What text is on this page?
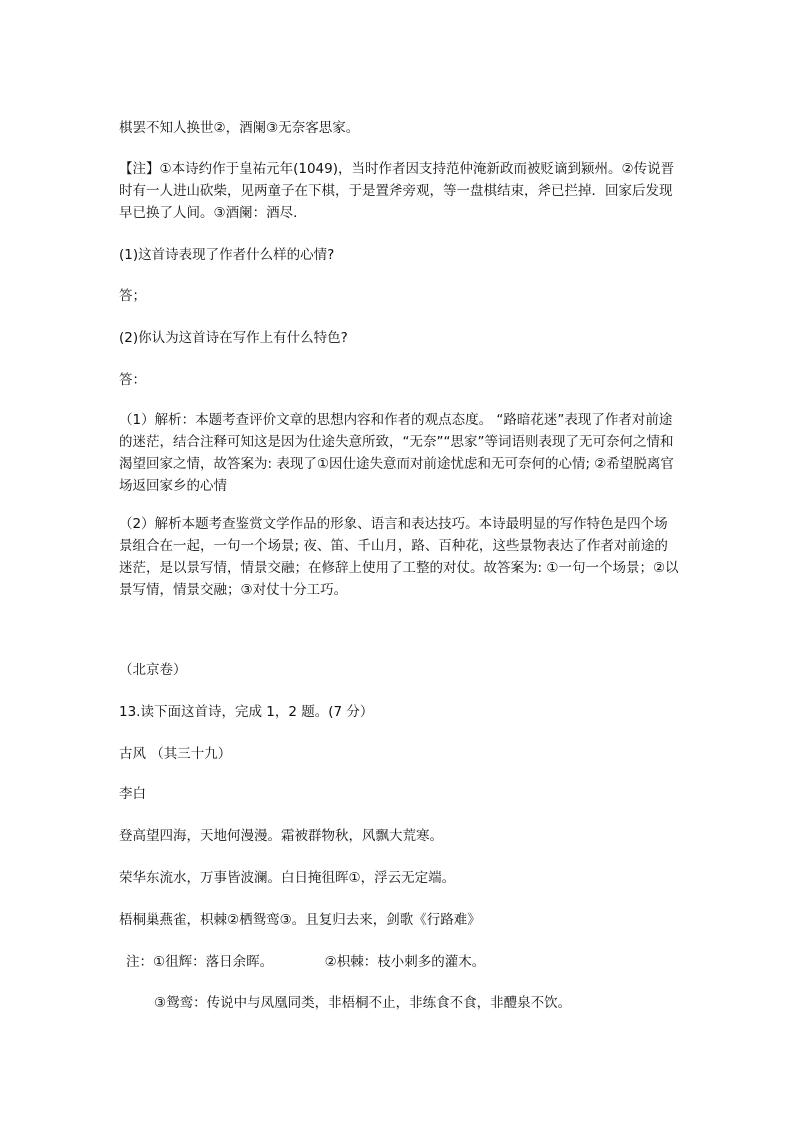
棋罢不知人换世②，酒阑③无奈客思家。

【注】①本诗约作于皇祐元年(1049)，当时作者因支持范仲淹新政而被贬谪到颍州。②传说晋时有一人进山砍柴，见两童子在下棋，于是置斧旁观，等一盘棋结束，斧已拦掉．回家后发现早已换了人间。③酒阑：酒尽．

(1)这首诗表现了作者什么样的心情?

答；

(2)你认为这首诗在写作上有什么特色?

答：

（1）解析：本题考查评价文章的思想内容和作者的观点态度。 “路暗花迷”表现了作者对前途的迷茫，结合注释可知这是因为仕途失意所致，“无奈”“思家”等词语则表现了无可奈何之情和渴望回家之情，故答案为: 表现了①因仕途失意而对前途忧虑和无可奈何的心情; ②希望脱离官场返回家乡的心情

（2）解析本题考查鉴赏文学作品的形象、语言和表达技巧。本诗最明显的写作特色是四个场景组合在一起，一句一个场景; 夜、笛、千山月，路、百种花，这些景物表达了作者对前途的迷茫，是以景写情，情景交融；在修辞上使用了工整的对仗。故答案为: ①一句一个场景；②以景写情，情景交融；③对仗十分工巧。

（北京卷）

13.读下面这首诗，完成 1，2 题。(7 分）

古风 （其三十九）

李白

登高望四海，天地何漫漫。霜被群物秋，风飘大荒寒。

荣华东流水，万事皆波澜。白日掩徂晖①，浮云无定端。

梧桐巢燕雀，枳棘②栖鸳鸾③。且复归去来，剑歌《行路难》

注：①徂辉：落日余晖。            ②枳棘：枝小刺多的灌木。

③鸳鸾：传说中与凤凰同类，非梧桐不止，非练食不食，非醴泉不饮。
